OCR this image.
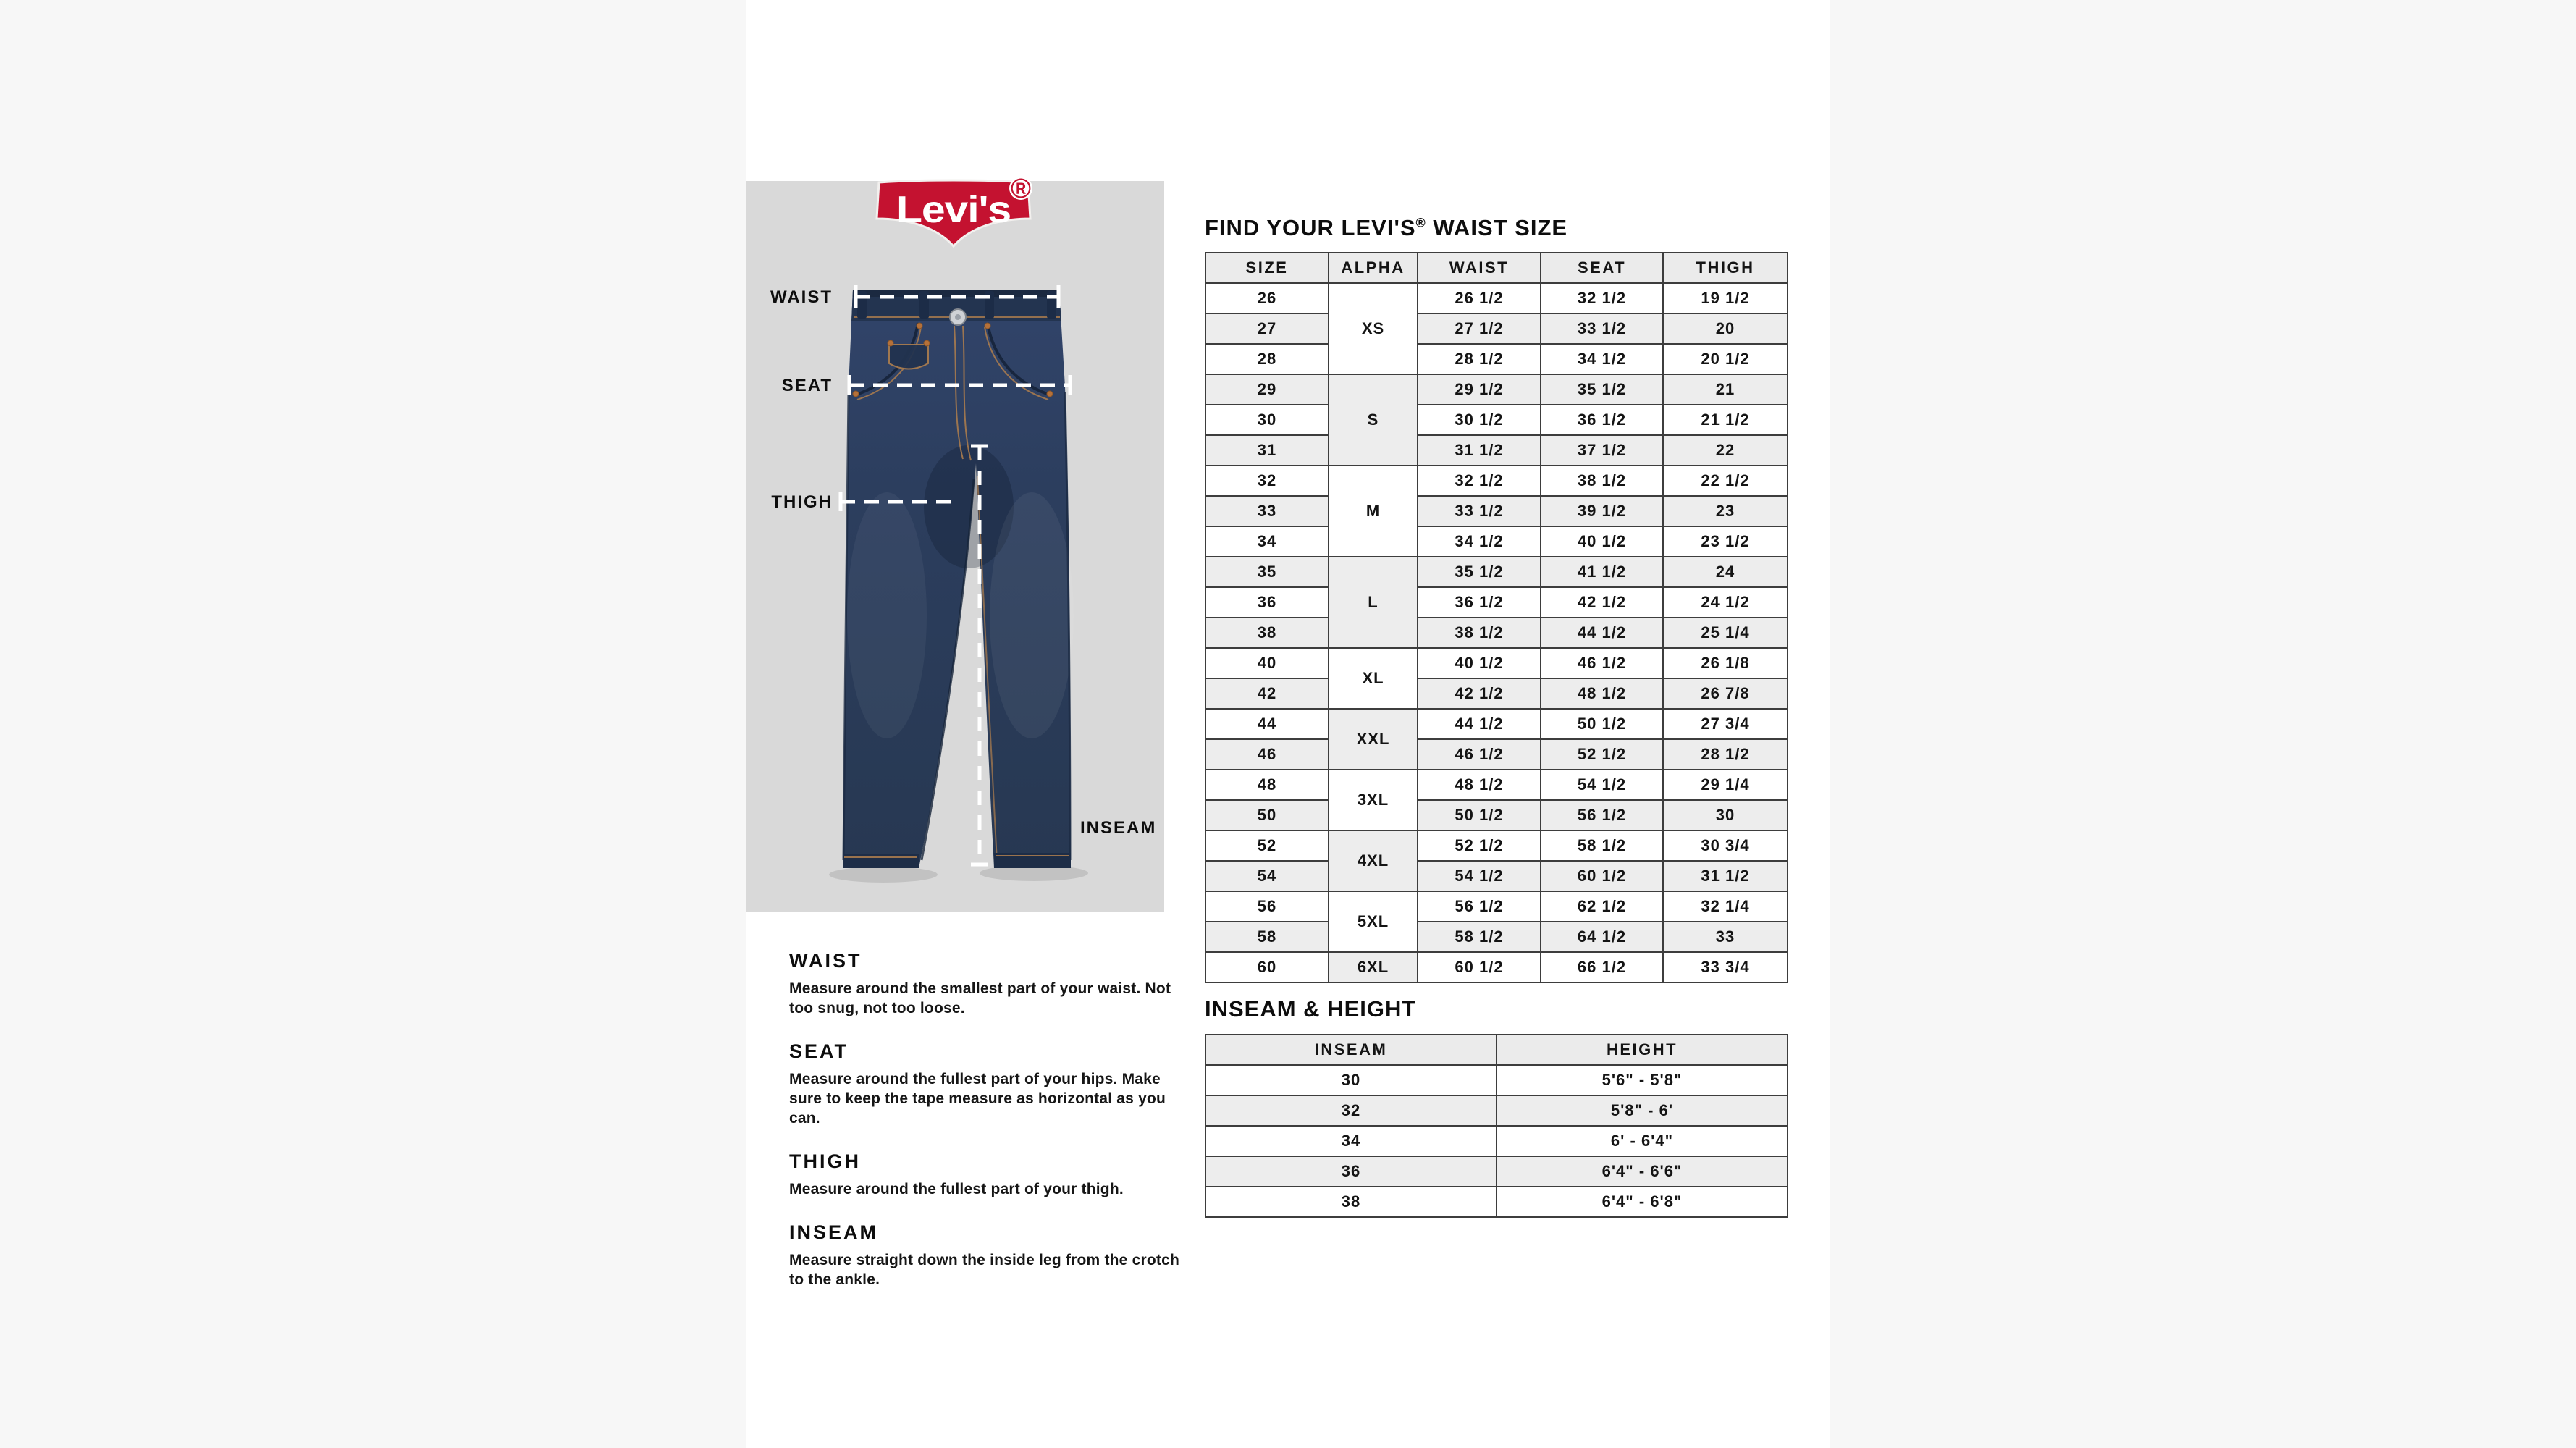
Levi's ®
WAIST
SEAT
THIGH
INSEAM
WAIST

Measure around the smallest part of your waist. Not too snug, not too loose.

SEAT

Measure around the fullest part of your hips. Make sure to keep the tape measure as horizontal as you can.

THIGH

Measure around the fullest part of your thigh.

INSEAM

Measure straight down the inside leg from the crotch to the ankle.

FIND YOUR LEVI'S® WAIST SIZE
SIZE	ALPHA	WAIST	SEAT	THIGH
26	XS	26 1/2	32 1/2	19 1/2
27		27 1/2	33 1/2	20
28		28 1/2	34 1/2	20 1/2
29	S	29 1/2	35 1/2	21
30		30 1/2	36 1/2	21 1/2
31		31 1/2	37 1/2	22
32	M	32 1/2	38 1/2	22 1/2
33		33 1/2	39 1/2	23
34		34 1/2	40 1/2	23 1/2
35	L	35 1/2	41 1/2	24
36		36 1/2	42 1/2	24 1/2
38		38 1/2	44 1/2	25 1/4
40	XL	40 1/2	46 1/2	26 1/8
42		42 1/2	48 1/2	26 7/8
44	XXL	44 1/2	50 1/2	27 3/4
46		46 1/2	52 1/2	28 1/2
48	3XL	48 1/2	54 1/2	29 1/4
50		50 1/2	56 1/2	30
52	4XL	52 1/2	58 1/2	30 3/4
54		54 1/2	60 1/2	31 1/2
56	5XL	56 1/2	62 1/2	32 1/4
58		58 1/2	64 1/2	33
60	6XL	60 1/2	66 1/2	33 3/4
INSEAM & HEIGHT
INSEAM	HEIGHT
30	5'6" - 5'8"
32	5'8" - 6'
34	6' - 6'4"
36	6'4" - 6'6"
38	6'4" - 6'8"
